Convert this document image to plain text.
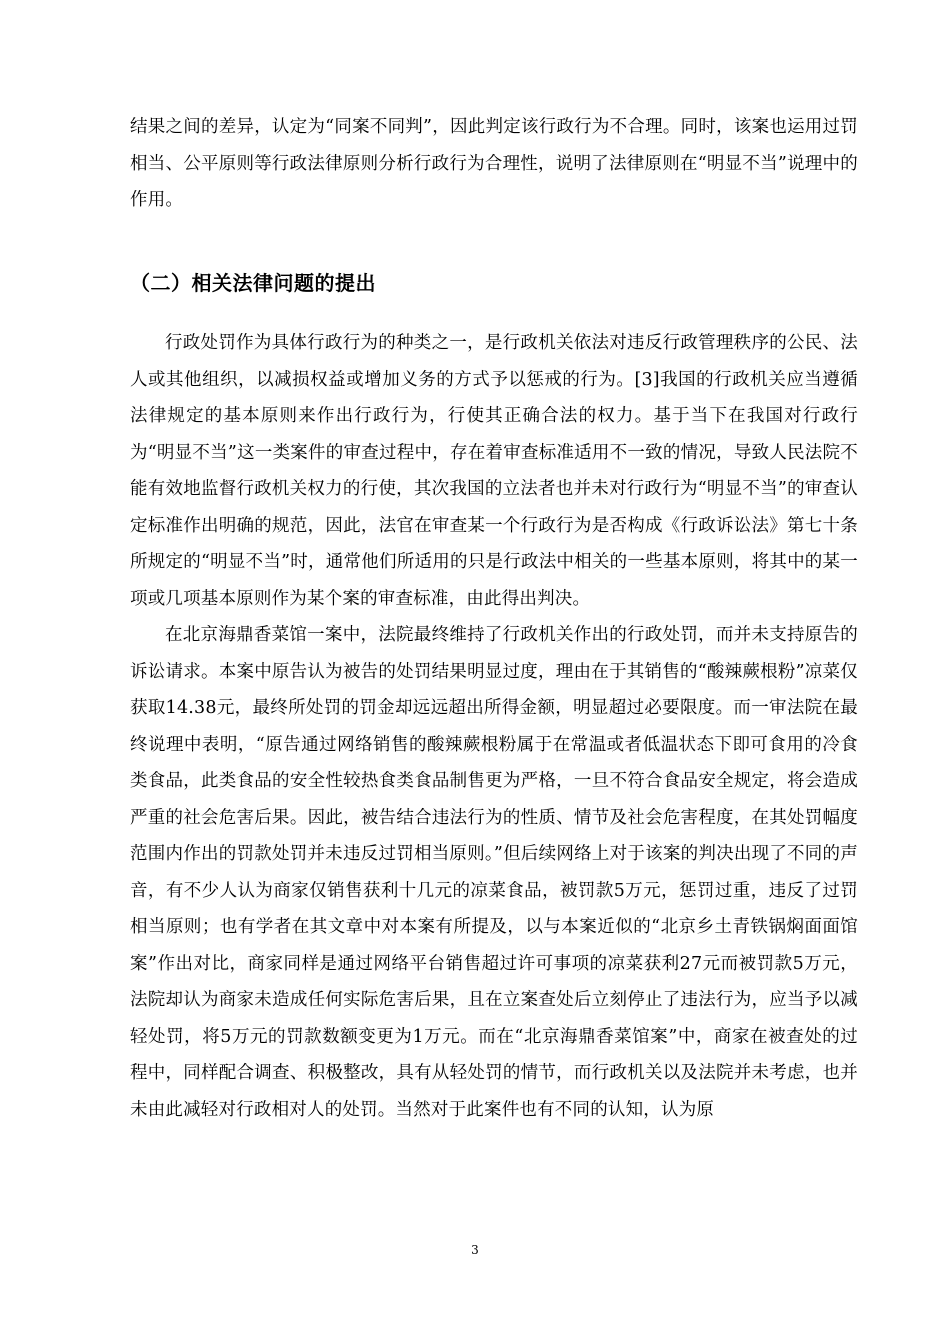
结果之间的差异，认定为“同案不同判”，因此判定该行政行为不合理。同时，该案也运用过罚相当、公平原则等行政法律原则分析行政行为合理性，说明了法律原则在“明显不当”说理中的作用。
（二）相关法律问题的提出

行政处罚作为具体行政行为的种类之一，是行政机关依法对违反行政管理秩序的公民、法人或其他组织，以减损权益或增加义务的方式予以惩戒的行为。[3]我国的行政机关应当遵循法律规定的基本原则来作出行政行为，行使其正确合法的权力。基于当下在我国对行政行为“明显不当”这一类案件的审查过程中，存在着审查标准适用不一致的情况，导致人民法院不能有效地监督行政机关权力的行使，其次我国的立法者也并未对行政行为“明显不当”的审查认定标准作出明确的规范，因此，法官在审查某一个行政行为是否构成《行政诉讼法》第七十条所规定的“明显不当”时，通常他们所适用的只是行政法中相关的一些基本原则，将其中的某一项或几项基本原则作为某个案的审查标准，由此得出判决。

在北京海鼎香菜馆一案中，法院最终维持了行政机关作出的行政处罚，而并未支持原告的诉讼请求。本案中原告认为被告的处罚结果明显过度，理由在于其销售的“酸辣蕨根粉”凉菜仅获取14.38元，最终所处罚的罚金却远远超出所得金额，明显超过必要限度。而一审法院在最终说理中表明，“原告通过网络销售的酸辣蕨根粉属于在常温或者低温状态下即可食用的冷食类食品，此类食品的安全性较热食类食品制售更为严格，一旦不符合食品安全规定，将会造成严重的社会危害后果。因此，被告结合违法行为的性质、情节及社会危害程度，在其处罚幅度范围内作出的罚款处罚并未违反过罚相当原则。”但后续网络上对于该案的判决出现了不同的声音，有不少人认为商家仅销售获利十几元的凉菜食品，被罚款5万元，惩罚过重，违反了过罚相当原则；也有学者在其文章中对本案有所提及，以与本案近似的“北京乡土青铁锅焖面面馆案”作出对比，商家同样是通过网络平台销售超过许可事项的凉菜获利27元而被罚款5万元，法院却认为商家未造成任何实际危害后果，且在立案查处后立刻停止了违法行为，应当予以减轻处罚，将5万元的罚款数额变更为1万元。而在“北京海鼎香菜馆案”中，商家在被查处的过程中，同样配合调查、积极整改，具有从轻处罚的情节，而行政机关以及法院并未考虑，也并未由此减轻对行政相对人的处罚。当然对于此案件也有不同的认知，认为原

3
